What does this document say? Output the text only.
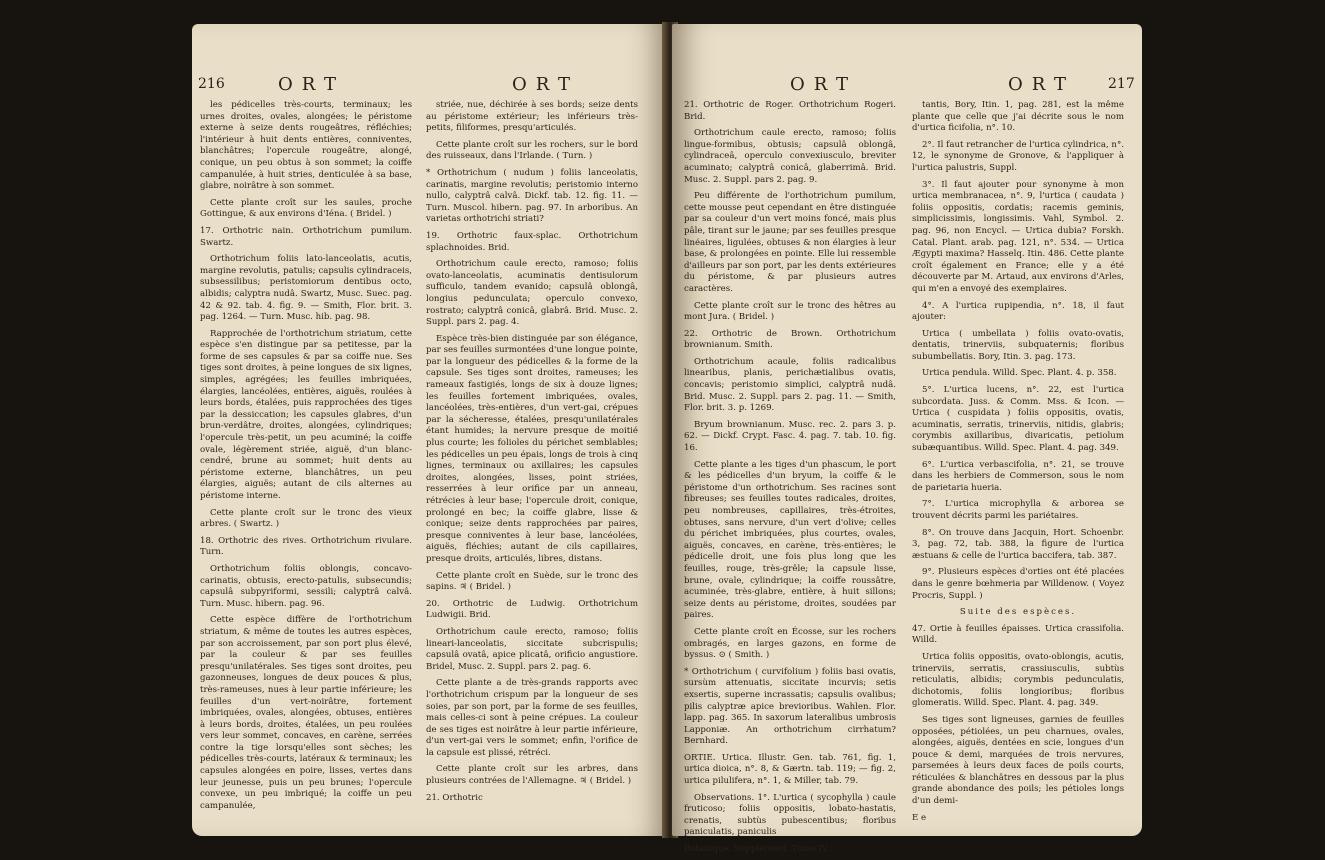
216	ORT	ORT

les pédicelles très-courts, terminaux; les urnes droites, ovales, alongées; le péristome externe à seize dents rougeâtres, réfléchies; l'intérieur à huit dents entières, conniventes, blanchâtres; l'opercule rougeâtre, alongé, conique, un peu obtus à son sommet; la coiffe campanulée, à huit stries, denticulée à sa base, glabre, noirâtre à son sommet.

Cette plante croît sur les saules, proche Gottingue, & aux environs d'Iéna. ( Bridel. )

17. Orthotric nain. Orthotrichum pumilum. Swartz.

Orthotrichum foliis lato-lanceolatis, acutis, margine revolutis, patulis; capsulis cylindraceis, subsessilibus; peristomiorum dentibus octo, albidis; calyptra nudâ. Swartz, Musc. Suec. pag. 42 & 92. tab. 4. fig. 9. — Smith, Flor. brit. 3. pag. 1264. — Turn. Musc. hib. pag. 98.

Rapprochée de l'orthotrichum striatum, cette espèce s'en distingue par sa petitesse, par la forme de ses capsules & par sa coiffe nue. Ses tiges sont droites, à peine longues de six lignes, simples, agrégées; les feuilles imbriquées, élargies, lancéolées, entières, aiguës, roulées à leurs bords, étalées, puis rapprochées des tiges par la dessiccation; les capsules glabres, d'un brun-verdâtre, droites, alongées, cylindriques; l'opercule très-petit, un peu acuminé; la coiffe ovale, légèrement striée, aiguë, d'un blanc-cendré, brune au sommet; huit dents au péristome externe, blanchâtres, un peu élargies, aiguës; autant de cils alternes au péristome interne.

Cette plante croît sur le tronc des vieux arbres. ( Swartz. )

18. Orthotric des rives. Orthotrichum rivulare. Turn.

Orthotrichum foliis oblongis, concavo-carinatis, obtusis, erecto-patulis, subsecundis; capsulâ subpyriformi, sessili; calyptrâ calvâ. Turn. Musc. hibern. pag. 96.

Cette espèce diffère de l'orthotrichum striatum, & même de toutes les autres espèces, par son accroissement, par son port plus élevé, par la couleur & par ses feuilles presqu'unilatérales. Ses tiges sont droites, peu gazonneuses, longues de deux pouces & plus, très-rameuses, nues à leur partie inférieure; les feuilles d'un vert-noirâtre, fortement imbriquées, ovales, alongées, obtuses, entières à leurs bords, droites, étalées, un peu roulées vers leur sommet, concaves, en carène, serrées contre la tige lorsqu'elles sont sèches; les pédicelles très-courts, latéraux & terminaux; les capsules alongées en poire, lisses, vertes dans leur jeunesse, puis un peu brunes; l'opercule convexe, un peu imbriqué; la coiffe un peu campanulée,

striée, nue, déchirée à ses bords; seize dents au péristome extérieur; les inférieurs très-petits, filiformes, presqu'articulés.

Cette plante croît sur les rochers, sur le bord des ruisseaux, dans l'Irlande. ( Turn. )

* Orthotrichum ( nudum ) foliis lanceolatis, carinatis, margine revolutis; peristomio interno nullo, calyptrâ calvâ. Dickf. tab. 12. fig. 11. — Turn. Muscol. hibern. pag. 97. In arboribus. An varietas orthotrichi striati?

19. Orthotric faux-splac. Orthotrichum splachnoides. Brid.

Orthotrichum caule erecto, ramoso; foliis ovato-lanceolatis, acuminatis dentisulorum sufficulo, tandem evanido; capsulâ oblongâ, longius pedunculata; operculo convexo, rostrato; calyptrâ conicâ, glabrâ. Brid. Musc. 2. Suppl. pars 2. pag. 4.

Espèce très-bien distinguée par son élégance, par ses feuilles surmontées d'une longue pointe, par la longueur des pédicelles & la forme de la capsule. Ses tiges sont droites, rameuses; les rameaux fastigiés, longs de six à douze lignes; les feuilles fortement imbriquées, ovales, lancéolées, très-entières, d'un vert-gai, crépues par la sécheresse, étalées, presqu'unilatérales étant humides; la nervure presque de moitié plus courte; les folioles du périchet semblables; les pédicelles un peu épais, longs de trois à cinq lignes, terminaux ou axillaires; les capsules droites, alongées, lisses, point striées, resserrées à leur orifice par un anneau, rétrécies à leur base; l'opercule droit, conique, prolongé en bec; la coiffe glabre, lisse & conique; seize dents rapprochées par paires, presque conniventes à leur base, lancéolées, aiguës, fléchies; autant de cils capillaires, presque droits, articulés, libres, distans.

Cette plante croît en Suède, sur le tronc des sapins. ♃ ( Bridel. )

20. Orthotric de Ludwig. Orthotrichum Ludwigii. Brid.

Orthotrichum caule erecto, ramoso; foliis lineari-lanceolatis, siccitate subcrispulis; capsulâ ovatâ, apice plicatâ, orificio angustiore. Bridel, Musc. 2. Suppl. pars 2. pag. 6.

Cette plante a de très-grands rapports avec l'orthotrichum crispum par la longueur de ses soies, par son port, par la forme de ses feuilles, mais celles-ci sont à peine crépues. La couleur de ses tiges est noirâtre à leur partie inférieure, d'un vert-gai vers le sommet; enfin, l'orifice de la capsule est plissé, rétréci.

Cette plante croît sur les arbres, dans plusieurs contrées de l'Allemagne. ♃ ( Bridel. )

21. Orthotric

ORT	ORT 217

21. Orthotric de Roger. Orthotrichum Rogeri. Brid.

Orthotrichum caule erecto, ramoso; foliis lingue-formibus, obtusis; capsulâ oblongâ, cylindraceâ, operculo convexiusculo, breviter acuminato; calyptrâ conicâ, glaberrimâ. Brid. Musc. 2. Suppl. pars 2. pag. 9.

Peu différente de l'orthotrichum pumilum, cette mousse peut cependant en être distinguée par sa couleur d'un vert moins foncé, mais plus pâle, tirant sur le jaune; par ses feuilles presque linéaires, ligulées, obtuses & non élargies à leur base, & prolongées en pointe. Elle lui ressemble d'ailleurs par son port, par les dents extérieures du péristome, & par plusieurs autres caractères.

Cette plante croît sur le tronc des hêtres au mont Jura. ( Bridel. )

22. Orthotric de Brown. Orthotrichum brownianum. Smith.

Orthotrichum acaule, foliis radicalibus linearibus, planis, perichætialibus ovatis, concavis; peristomio simplici, calyptrâ nudâ. Brid. Musc. 2. Suppl. pars 2. pag. 11. — Smith, Flor. brit. 3. p. 1269.

Bryum brownianum. Musc. rec. 2. pars 3. p. 62. — Dickf. Crypt. Fasc. 4. pag. 7. tab. 10. fig. 16.

Cette plante a les tiges d'un phascum, le port & les pédicelles d'un bryum, la coiffe & le péristome d'un orthotrichum. Ses racines sont fibreuses; ses feuilles toutes radicales, droites, peu nombreuses, capillaires, très-étroites, obtuses, sans nervure, d'un vert d'olive; celles du périchet imbriquées, plus courtes, ovales, aiguës, concaves, en carène, très-entières; le pédicelle droit, une fois plus long que les feuilles, rouge, très-grêle; la capsule lisse, brune, ovale, cylindrique; la coiffe roussâtre, acuminée, très-glabre, entière, à huit sillons; seize dents au péristome, droites, soudées par paires.

Cette plante croît en Écosse, sur les rochers ombragés, en larges gazons, en forme de byssus. ⊙ ( Smith. )

* Orthotrichum ( curvifolium ) foliis basi ovatis, sursùm attenuatis, siccitate incurvis; setis exsertis, superne incrassatis; capsulis ovalibus; pilis calyptræ apice brevioribus. Wahlen. Flor. lapp. pag. 365. In saxorum lateralibus umbrosis Lapponiæ. An orthotrichum cirrhatum? Bernhard.

ORTIE. Urtica. Illustr. Gen. tab. 761, fig. 1, urtica dioica, n°. 8, & Gærtn. tab. 119; — fig. 2, urtica pilulifera, n°. 1, & Miller, tab. 79.

Observations. 1°. L'urtica ( sycophylla ) caule fruticoso; foliis oppositis, lobato-hastatis, crenatis, subtùs pubescentibus; floribus paniculatis, paniculis

Botanique. Supplément. Tome IV.

tantis, Bory, Itin. 1, pag. 281, est la même plante que celle que j'ai décrite sous le nom d'urtica ficifolia, n°. 10.

2°. Il faut retrancher de l'urtica cylindrica, n°. 12, le synonyme de Gronove, & l'appliquer à l'urtica palustris, Suppl.

3°. Il faut ajouter pour synonyme à mon urtica membranacea, n°. 9, l'urtica ( caudata ) foliis oppositis, cordatis; racemis geminis, simplicissimis, longissimis. Vahl, Symbol. 2. pag. 96, non Encycl. — Urtica dubia? Forskh. Catal. Plant. arab. pag. 121, n°. 534. — Urtica Ægypti maxima? Hasselq. Itin. 486. Cette plante croît également en France; elle y a été découverte par M. Artaud, aux environs d'Arles, qui m'en a envoyé des exemplaires.

4°. A l'urtica rupipendia, n°. 18, il faut ajouter:

Urtica ( umbellata ) foliis ovato-ovatis, dentatis, trinerviis, subquaternis; floribus subumbellatis. Bory, Itin. 3. pag. 173.

Urtica pendula. Willd. Spec. Plant. 4. p. 358.

5°. L'urtica lucens, n°. 22, est l'urtica subcordata. Juss. & Comm. Mss. & Icon. — Urtica ( cuspidata ) foliis oppositis, ovatis, acuminatis, serratis, trinerviis, nitidis, glabris; corymbis axillaribus, divaricatis, petiolum subæquantibus. Willd. Spec. Plant. 4. pag. 349.

6°. L'urtica verbascifolia, n°. 21, se trouve dans les herbiers de Commerson, sous le nom de parietaria hueria.

7°. L'urtica microphylla & arborea se trouvent décrits parmi les pariétaires.

8°. On trouve dans Jacquin, Hort. Schoenbr. 3, pag. 72, tab. 388, la figure de l'urtica æstuans & celle de l'urtica baccifera, tab. 387.

9°. Plusieurs espèces d'orties ont été placées dans le genre bœhmeria par Willdenow. ( Voyez Procris, Suppl. )

Suite des espèces.

47. Ortie à feuilles épaisses. Urtica crassifolia. Willd.

Urtica foliis oppositis, ovato-oblongis, acutis, trinerviis, serratis, crassiusculis, subtùs reticulatis, albidis; corymbis pedunculatis, dichotomis, foliis longioribus; floribus glomeratis. Willd. Spec. Plant. 4. pag. 349.

Ses tiges sont ligneuses, garnies de feuilles opposées, pétiolées, un peu charnues, ovales, alongées, aiguës, dentées en scie, longues d'un pouce & demi, marquées de trois nervures, parsemées à leurs deux faces de poils courts, réticulées & blanchâtres en dessous par la plus grande abondance des poils; les pétioles longs d'un demi-

E e
